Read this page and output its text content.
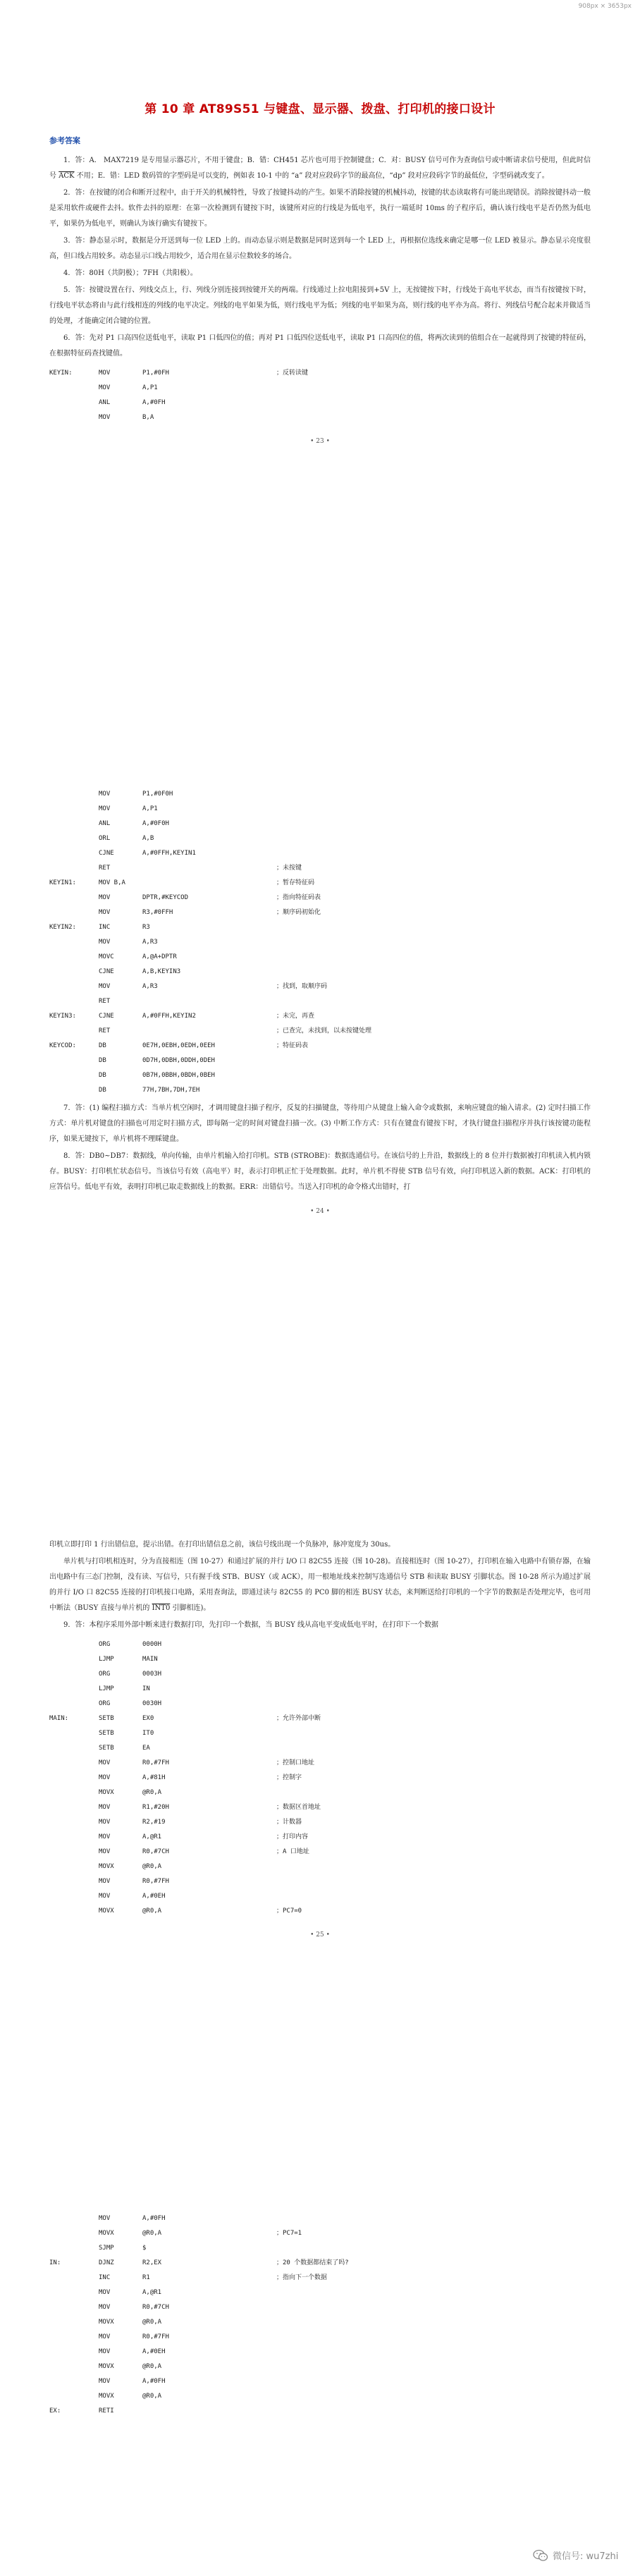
908px × 3653px
第 10 章 AT89S51 与键盘、显示器、拨盘、打印机的接口设计
参考答案

1．答：A． MAX7219 是专用显示器芯片，不用于键盘；B．错：CH451 芯片也可用于控制键盘；C．对：BUSY 信号可作为查询信号或中断请求信号使用，但此时信号 $\overline{ACK}$ 不用；E．错：LED 数码管的字型码是可以变的，例如表 10-1 中的 “a” 段对应段码字节的最高位，“dp” 段对应段码字节的最低位，字型码就改变了。

2．答：在按键的闭合和断开过程中，由于开关的机械特性，导致了按键抖动的产生。如果不消除按键的机械抖动，按键的状态读取将有可能出现错误。消除按键抖动一般是采用软件或硬件去抖。软件去抖的原理：在第一次检测到有键按下时，该键所对应的行线是为低电平，执行一端延时 10ms 的子程序后，确认该行线电平是否仍然为低电平，如果仍为低电平，则确认为该行确实有键按下。

3．答：静态显示时，数据是分开送到每一位 LED 上的。而动态显示则是数据是同时送到每一个 LED 上，再根据位选线来确定是哪一位 LED 被显示。静态显示亮度很高，但口线占用较多。动态显示口线占用较少，适合用在显示位数较多的场合。

4．答：80H（共阴极）；7FH（共阳极）。

5．答：按键设置在行、列线交点上，行、列线分别连接到按键开关的两端。行线通过上拉电阻接到+5V 上，无按键按下时，行线处于高电平状态，而当有按键按下时，行线电平状态将由与此行线相连的列线的电平决定。列线的电平如果为低，则行线电平为低；列线的电平如果为高，则行线的电平亦为高。将行、列线信号配合起来并做适当的处理，才能确定闭合键的位置。

6．答：先对 P1 口高四位送低电平，读取 P1 口低四位的值；再对 P1 口低四位送低电平，读取 P1 口高四位的值，将两次读到的值组合在一起就得到了按键的特征码，在根据特征码查找键值。

KEYIN:	MOV	P1,#0FH	；反转读键
MOV	A,P1
ANL	A,#0FH
MOV	B,A
• 23 •
MOV	P1,#0F0H
MOV	A,P1
ANL	A,#0F0H
ORL	A,B
CJNE	A,#0FFH,KEYIN1
RET	；未按键
KEYIN1:	MOV B,A	；暂存特征码
MOV	DPTR,#KEYCOD	；指向特征码表
MOV	R3,#0FFH	；顺序码初始化
KEYIN2:	INC	R3
MOV	A,R3
MOVC	A,@A+DPTR
CJNE	A,B,KEYIN3
MOV	A,R3	；找到，取顺序码
RET
KEYIN3:	CJNE	A,#0FFH,KEYIN2	；未完，再查
RET	；已查完，未找到，以未按键处理
KEYCOD:	DB	0E7H,0EBH,0EDH,0EEH	；特征码表
DB	0D7H,0DBH,0DDH,0DEH
DB	0B7H,0BBH,0BDH,0BEH
DB	77H,7BH,7DH,7EH

7．答：(1) 编程扫描方式：当单片机空闲时，才调用键盘扫描子程序，反复的扫描键盘，等待用户从键盘上输入命令或数据，来响应键盘的输入请求。(2) 定时扫描工作方式：单片机对键盘的扫描也可用定时扫描方式，即每隔一定的时间对键盘扫描一次。(3) 中断工作方式：只有在键盘有键按下时，才执行键盘扫描程序并执行该按键功能程序，如果无键按下，单片机将不理睬键盘。

8．答：DB0~DB7：数据线，单向传输，由单片机输入给打印机。STB (STROBE)：数据选通信号。在该信号的上升沿，数据线上的 8 位并行数据被打印机读入机内锁存。BUSY：打印机忙状态信号。当该信号有效（高电平）时，表示打印机正忙于处理数据。此时，单片机不得使 STB 信号有效，向打印机送入新的数据。ACK：打印机的应答信号。低电平有效，表明打印机已取走数据线上的数据。ERR：出错信号。当送入打印机的命令格式出错时，打

• 24 •

印机立即打印 1 行出错信息，提示出错。在打印出错信息之前，该信号线出现一个负脉冲，脉冲宽度为 30us。

单片机与打印机相连时，分为直接相连（图 10-27）和通过扩展的并行 I/O 口 82C55 连接（图 10-28)。直接相连时（图 10-27），打印机在输入电路中有锁存器，在输出电路中有三态门控制，没有读、写信号，只有握手线 STB、BUSY（或 ACK），用一根地址线来控制写选通信号 STB 和读取 BUSY 引脚状态。图 10-28 所示为通过扩展的并行 I/O 口 82C55 连接的打印机接口电路，采用查询法，即通过读与 82C55 的 PC0 脚的相连 BUSY 状态，来判断送给打印机的一个字节的数据是否处理完毕，也可用中断法（BUSY 直接与单片机的 INT0 引脚相连)。

9．答：本程序采用外部中断来进行数据打印，先打印一个数据，当 BUSY 线从高电平变成低电平时，在打印下一个数据

ORG	0000H
LJMP	MAIN
ORG	0003H
LJMP	IN
ORG	0030H
MAIN:	SETB	EX0	；允许外部中断
SETB	IT0
SETB	EA
MOV	R0,#7FH	；控制口地址
MOV	A,#81H	；控制字
MOVX	@R0,A
MOV	R1,#20H	；数据区首地址
MOV	R2,#19	；计数器
MOV	A,@R1	；打印内容
MOV	R0,#7CH	；A 口地址
MOVX	@R0,A
MOV	R0,#7FH
MOV	A,#0EH
MOVX	@R0,A	；PC7=0
• 25 •
MOV	A,#0FH
MOVX	@R0,A	；PC7=1
SJMP	$
IN:	DJNZ	R2,EX	；20 个数据都结束了吗?
INC	R1	；指向下一个数据
MOV	A,@R1
MOV	R0,#7CH
MOVX	@R0,A
MOV	R0,#7FH
MOV	A,#0EH
MOVX	@R0,A
MOV	A,#0FH
MOVX	@R0,A
EX:	RETI
微信号: wu7zhi
